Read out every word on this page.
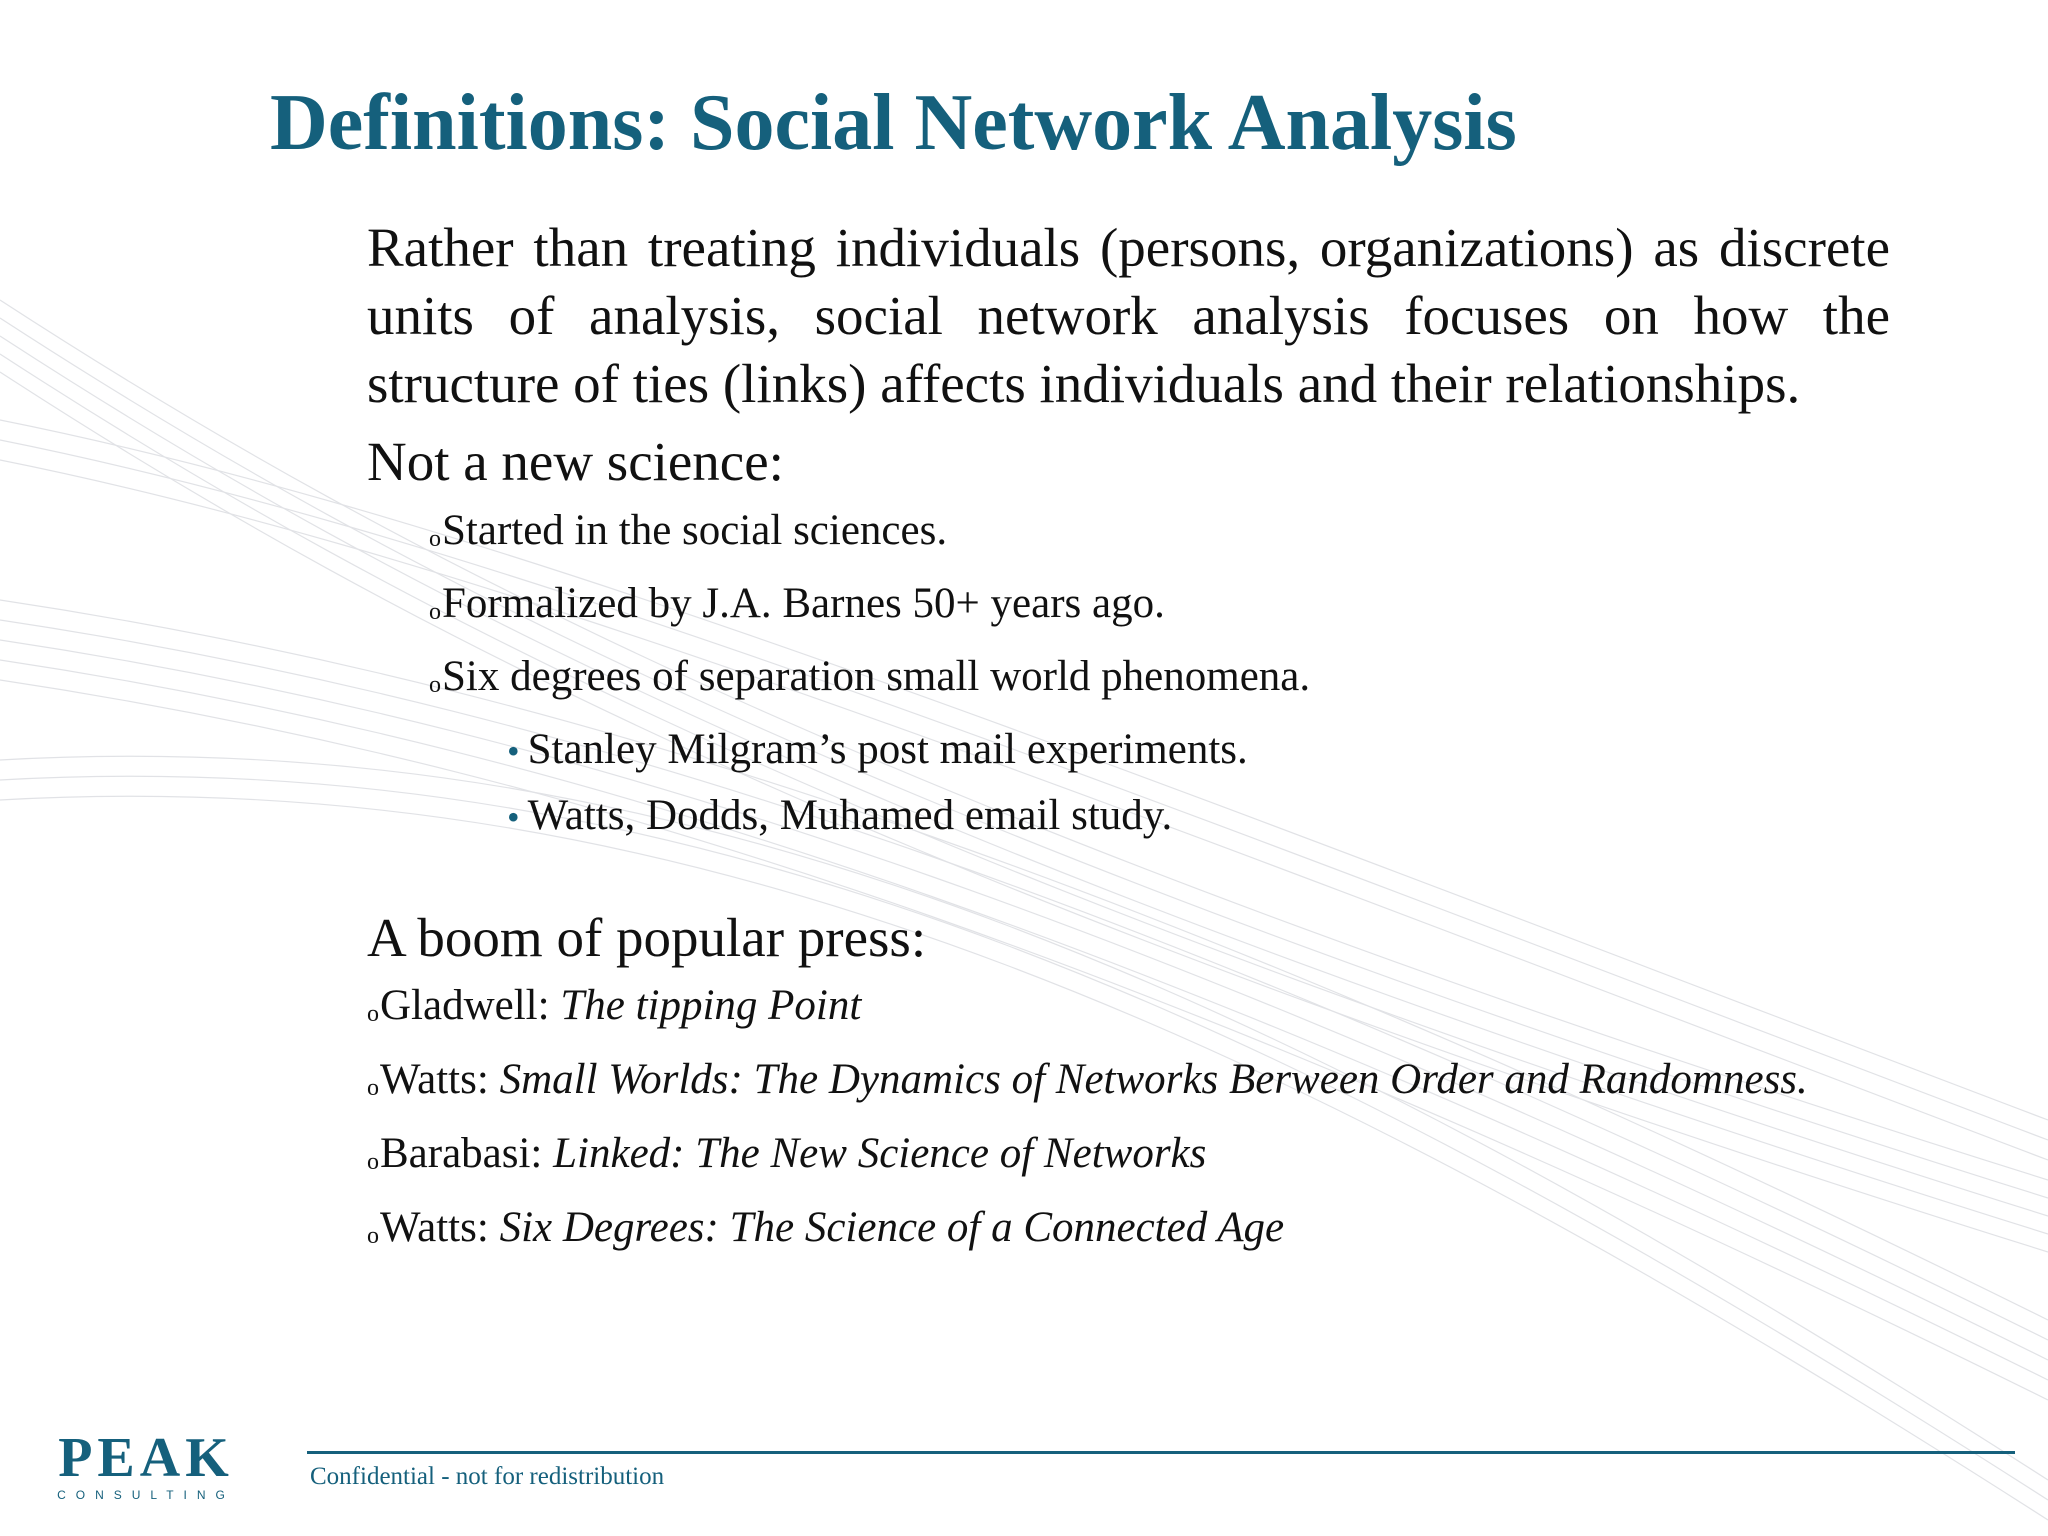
Definitions: Social Network Analysis

Rather than treating individuals (persons, organizations) as discrete units of analysis, social network analysis focuses on how the structure of ties (links) affects individuals and their relationships.

Not a new science:

oStarted in the social sciences.

oFormalized by J.A. Barnes 50+ years ago.

oSix degrees of separation small world phenomena.

• Stanley Milgram’s post mail experiments.

• Watts, Dodds, Muhamed email study.

A boom of popular press:

oGladwell: The tipping Point

oWatts: Small Worlds: The Dynamics of Networks Berween Order and Randomness.

oBarabasi: Linked: The New Science of Networks

oWatts: Six Degrees: The Science of a Connected Age

PEAK
CONSULTING
Confidential - not for redistribution
